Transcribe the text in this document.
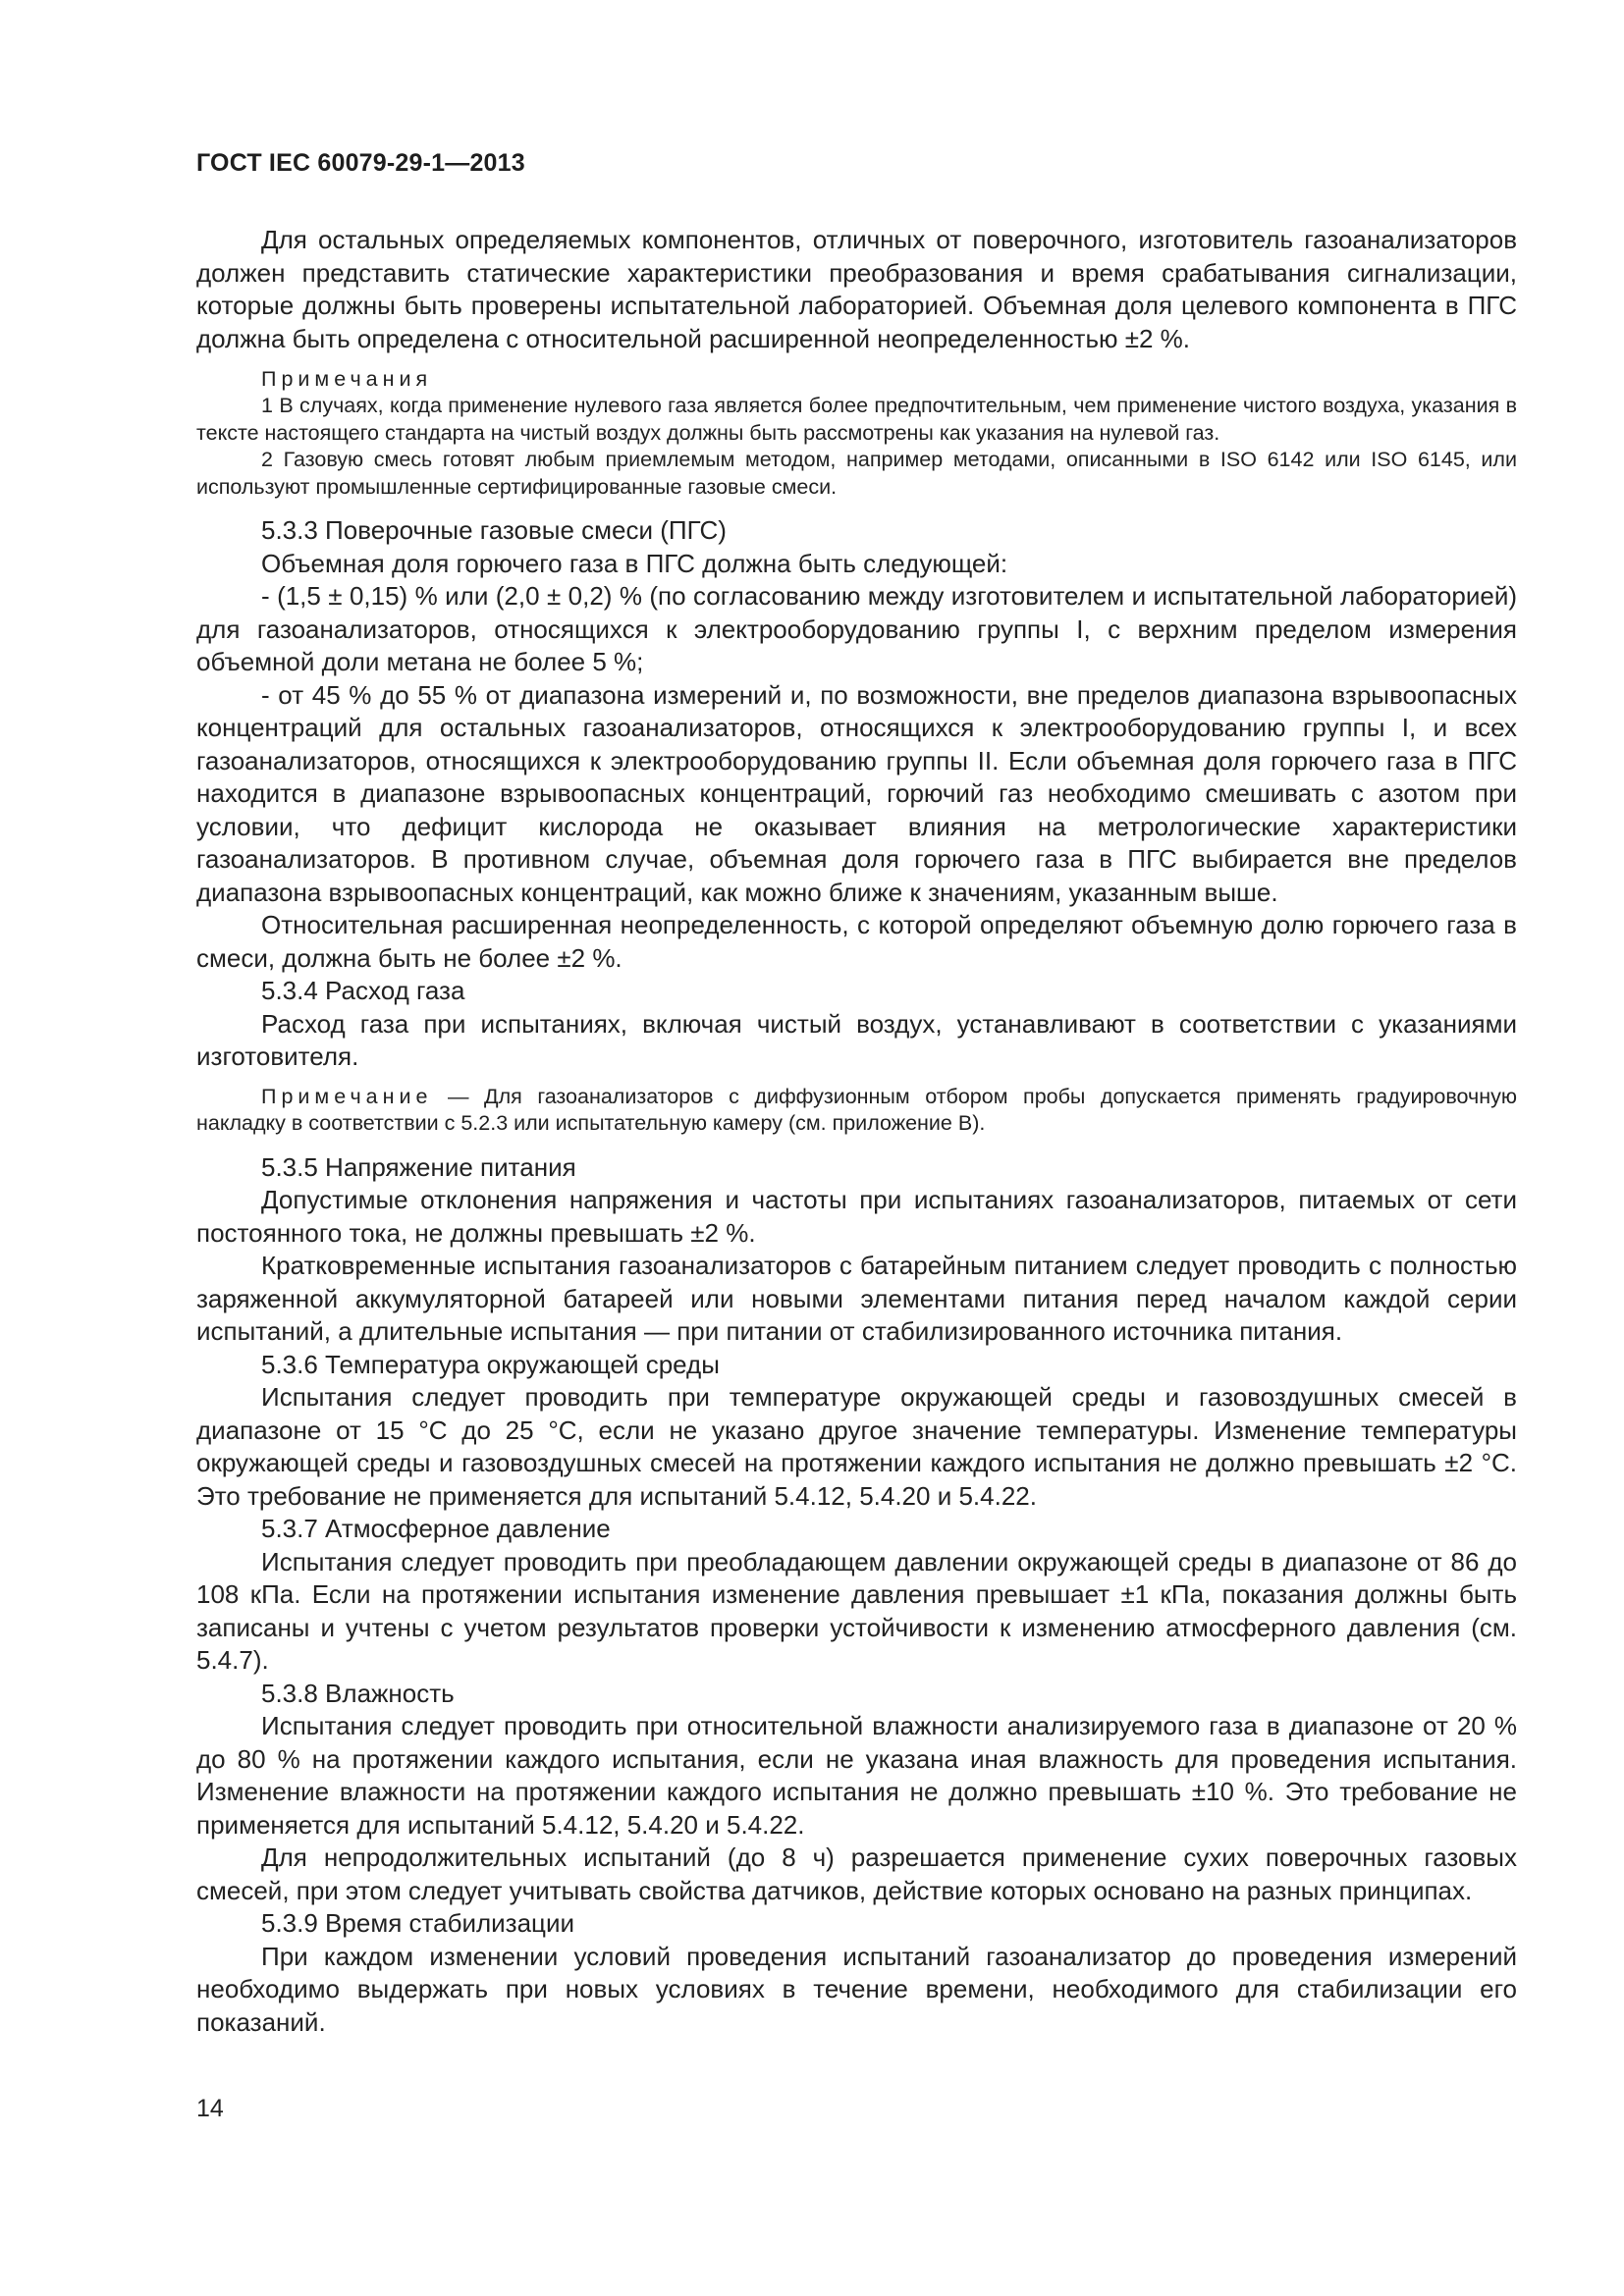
ГОСТ IEC 60079-29-1—2013

Для остальных определяемых компонентов, отличных от поверочного, изготовитель газоанализаторов должен представить статические характеристики преобразования и время срабатывания сигнализации, которые должны быть проверены испытательной лабораторией. Объемная доля целевого компонента в ПГС должна быть определена с относительной расширенной неопределенностью ±2 %.

Примечания

1 В случаях, когда применение нулевого газа является более предпочтительным, чем применение чистого воздуха, указания в тексте настоящего стандарта на чистый воздух должны быть рассмотрены как указания на нулевой газ.

2 Газовую смесь готовят любым приемлемым методом, например методами, описанными в ISO 6142 или ISO 6145, или используют промышленные сертифицированные газовые смеси.

5.3.3 Поверочные газовые смеси (ПГС)

Объемная доля горючего газа в ПГС должна быть следующей:

- (1,5 ± 0,15) % или (2,0 ± 0,2) % (по согласованию между изготовителем и испытательной лабораторией) для газоанализаторов, относящихся к электрооборудованию группы I, с верхним пределом измерения объемной доли метана не более 5 %;

- от 45 % до 55 % от диапазона измерений и, по возможности, вне пределов диапазона взрывоопасных концентраций для остальных газоанализаторов, относящихся к электрооборудованию группы I, и всех газоанализаторов, относящихся к электрооборудованию группы II. Если объемная доля горючего газа в ПГС находится в диапазоне взрывоопасных концентраций, горючий газ необходимо смешивать с азотом при условии, что дефицит кислорода не оказывает влияния на метрологические характеристики газоанализаторов. В противном случае, объемная доля горючего газа в ПГС выбирается вне пределов диапазона взрывоопасных концентраций, как можно ближе к значениям, указанным выше.

Относительная расширенная неопределенность, с которой определяют объемную долю горючего газа в смеси, должна быть не более ±2 %.

5.3.4 Расход газа

Расход газа при испытаниях, включая чистый воздух, устанавливают в соответствии с указаниями изготовителя.

Примечание — Для газоанализаторов с диффузионным отбором пробы допускается применять градуировочную накладку в соответствии с 5.2.3 или испытательную камеру (см. приложение В).

5.3.5 Напряжение питания

Допустимые отклонения напряжения и частоты при испытаниях газоанализаторов, питаемых от сети постоянного тока, не должны превышать ±2 %.

Кратковременные испытания газоанализаторов с батарейным питанием следует проводить с полностью заряженной аккумуляторной батареей или новыми элементами питания перед началом каждой серии испытаний, а длительные испытания — при питании от стабилизированного источника питания.

5.3.6 Температура окружающей среды

Испытания следует проводить при температуре окружающей среды и газовоздушных смесей в диапазоне от 15 °С до 25 °С, если не указано другое значение температуры. Изменение температуры окружающей среды и газовоздушных смесей на протяжении каждого испытания не должно превышать ±2 °С. Это требование не применяется для испытаний 5.4.12, 5.4.20 и 5.4.22.

5.3.7 Атмосферное давление

Испытания следует проводить при преобладающем давлении окружающей среды в диапазоне от 86 до 108 кПа. Если на протяжении испытания изменение давления превышает ±1 кПа, показания должны быть записаны и учтены с учетом результатов проверки устойчивости к изменению атмосферного давления (см. 5.4.7).

5.3.8 Влажность

Испытания следует проводить при относительной влажности анализируемого газа в диапазоне от 20 % до 80 % на протяжении каждого испытания, если не указана иная влажность для проведения испытания. Изменение влажности на протяжении каждого испытания не должно превышать ±10 %. Это требование не применяется для испытаний 5.4.12, 5.4.20 и 5.4.22.

Для непродолжительных испытаний (до 8 ч) разрешается применение сухих поверочных газовых смесей, при этом следует учитывать свойства датчиков, действие которых основано на разных принципах.

5.3.9 Время стабилизации

При каждом изменении условий проведения испытаний газоанализатор до проведения измерений необходимо выдержать при новых условиях в течение времени, необходимого для стабилизации его показаний.

14
